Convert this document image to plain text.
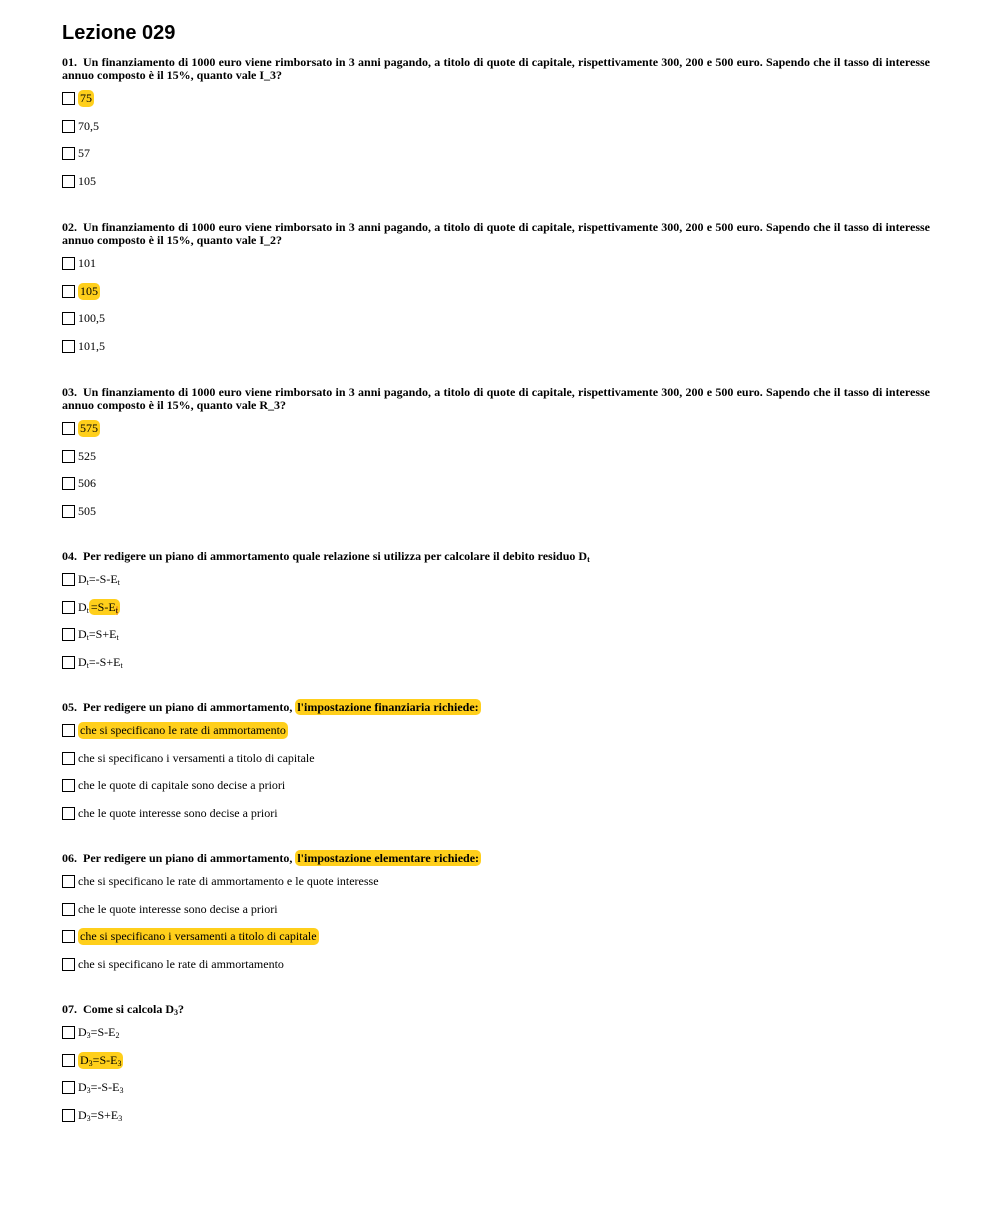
Lezione 029

01. Un finanziamento di 1000 euro viene rimborsato in 3 anni pagando, a titolo di quote di capitale, rispettivamente 300, 200 e 500 euro. Sapendo che il tasso di interesse annuo composto è il 15%, quanto vale I_3?

75
70,5
57
105

02. Un finanziamento di 1000 euro viene rimborsato in 3 anni pagando, a titolo di quote di capitale, rispettivamente 300, 200 e 500 euro. Sapendo che il tasso di interesse annuo composto è il 15%, quanto vale I_2?

101
105
100,5
101,5

03. Un finanziamento di 1000 euro viene rimborsato in 3 anni pagando, a titolo di quote di capitale, rispettivamente 300, 200 e 500 euro. Sapendo che il tasso di interesse annuo composto è il 15%, quanto vale R_3?

575
525
506
505

04. Per redigere un piano di ammortamento quale relazione si utilizza per calcolare il debito residuo $D_t$

$D_t=-S-E_t$
$D_t =S-E_t$
$D_t=S+E_t$
$D_t=-S+E_t$

05. Per redigere un piano di ammortamento, l'impostazione finanziaria richiede:

che si specificano le rate di ammortamento
che si specificano i versamenti a titolo di capitale
che le quote di capitale sono decise a priori
che le quote interesse sono decise a priori

06. Per redigere un piano di ammortamento, l'impostazione elementare richiede:

che si specificano le rate di ammortamento e le quote interesse
che le quote interesse sono decise a priori
che si specificano i versamenti a titolo di capitale
che si specificano le rate di ammortamento

07. Come si calcola $D_3$?

$D_3=S-E_2$
$D_3=S-E_3$
$D_3=-S-E_3$
$D_3=S+E_3$
